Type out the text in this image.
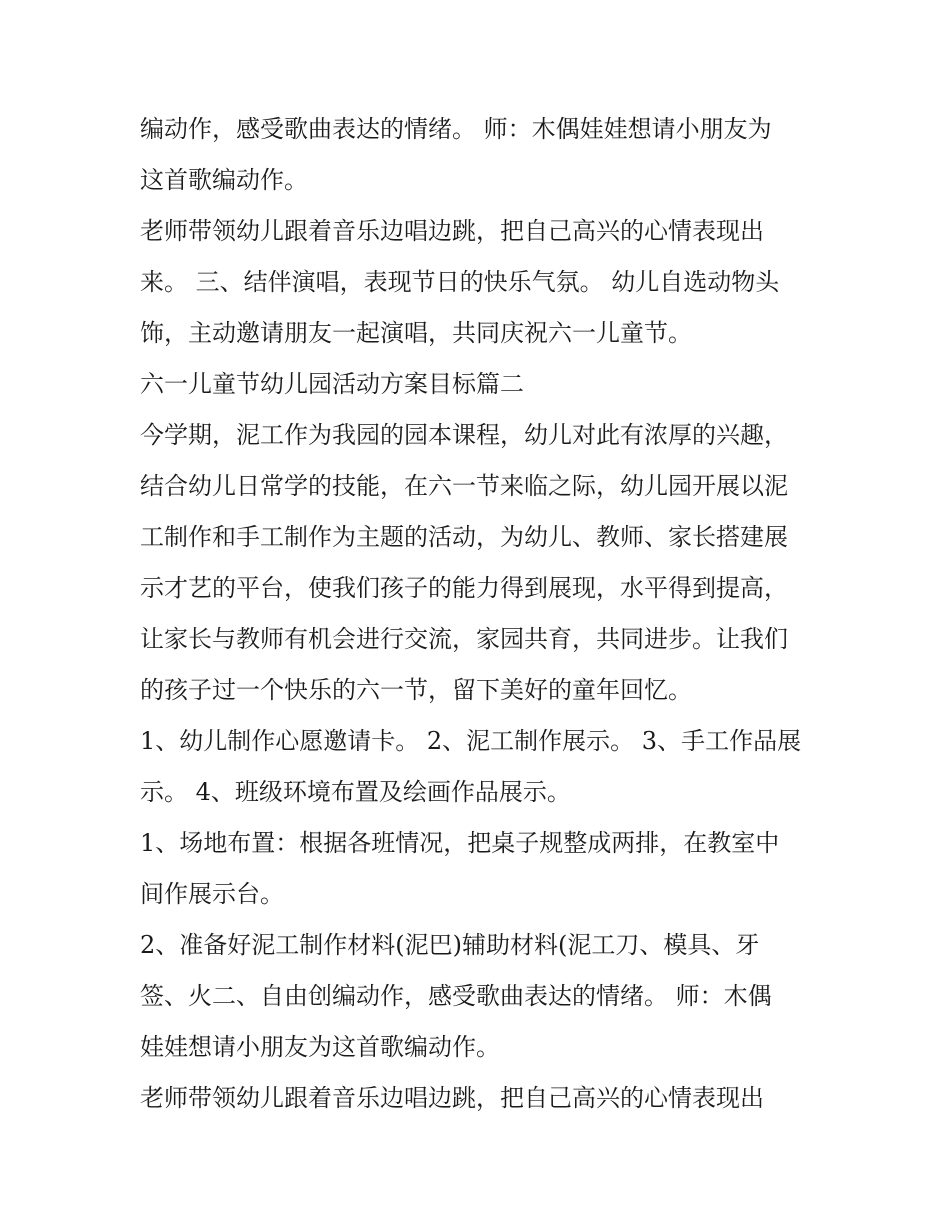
编动作，感受歌曲表达的情绪。 师：木偶娃娃想请小朋友为
这首歌编动作。
老师带领幼儿跟着音乐边唱边跳，把自己高兴的心情表现出
来。 三、结伴演唱，表现节日的快乐气氛。 幼儿自选动物头
饰，主动邀请朋友一起演唱，共同庆祝六一儿童节。
六一儿童节幼儿园活动方案目标篇二
今学期，泥工作为我园的园本课程，幼儿对此有浓厚的兴趣，
结合幼儿日常学的技能，在六一节来临之际，幼儿园开展以泥
工制作和手工制作为主题的活动，为幼儿、教师、家长搭建展
示才艺的平台，使我们孩子的能力得到展现，水平得到提高，
让家长与教师有机会进行交流，家园共育，共同进步。让我们
的孩子过一个快乐的六一节，留下美好的童年回忆。
1、幼儿制作心愿邀请卡。 2、泥工制作展示。 3、手工作品展
示。 4、班级环境布置及绘画作品展示。
1、场地布置：根据各班情况，把桌子规整成两排，在教室中
间作展示台。
2、准备好泥工制作材料(泥巴)辅助材料(泥工刀、模具、牙
签、火二、自由创编动作，感受歌曲表达的情绪。 师：木偶
娃娃想请小朋友为这首歌编动作。
老师带领幼儿跟着音乐边唱边跳，把自己高兴的心情表现出
